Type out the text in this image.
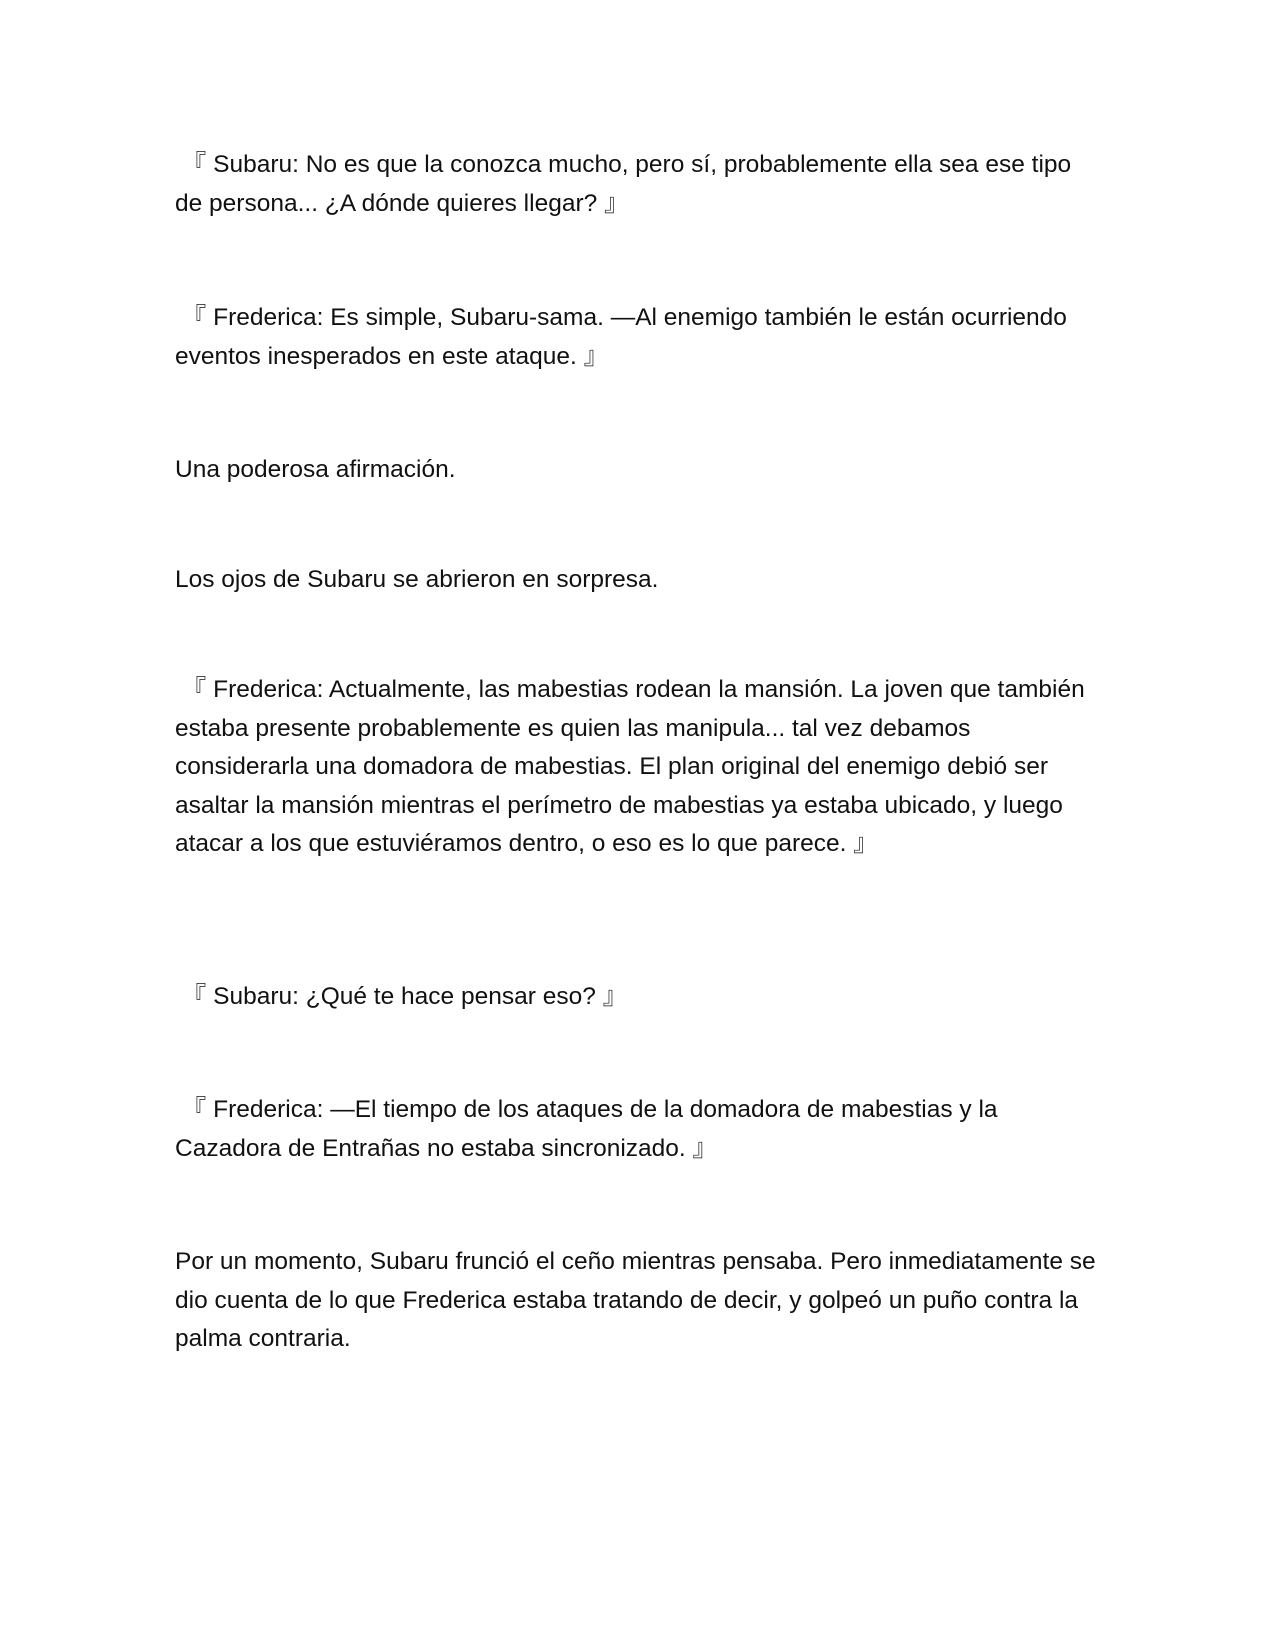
『 Subaru: No es que la conozca mucho, pero sí, probablemente ella sea ese tipo de persona... ¿A dónde quieres llegar? 』

『 Frederica: Es simple, Subaru-sama. —Al enemigo también le están ocurriendo eventos inesperados en este ataque. 』

Una poderosa afirmación.

Los ojos de Subaru se abrieron en sorpresa.

『 Frederica: Actualmente, las mabestias rodean la mansión. La joven que también estaba presente probablemente es quien las manipula... tal vez debamos considerarla una domadora de mabestias. El plan original del enemigo debió ser asaltar la mansión mientras el perímetro de mabestias ya estaba ubicado, y luego atacar a los que estuviéramos dentro, o eso es lo que parece. 』

『 Subaru: ¿Qué te hace pensar eso? 』

『 Frederica: —El tiempo de los ataques de la domadora de mabestias y la Cazadora de Entrañas no estaba sincronizado. 』

Por un momento, Subaru frunció el ceño mientras pensaba. Pero inmediatamente se dio cuenta de lo que Frederica estaba tratando de decir, y golpeó un puño contra la palma contraria.
